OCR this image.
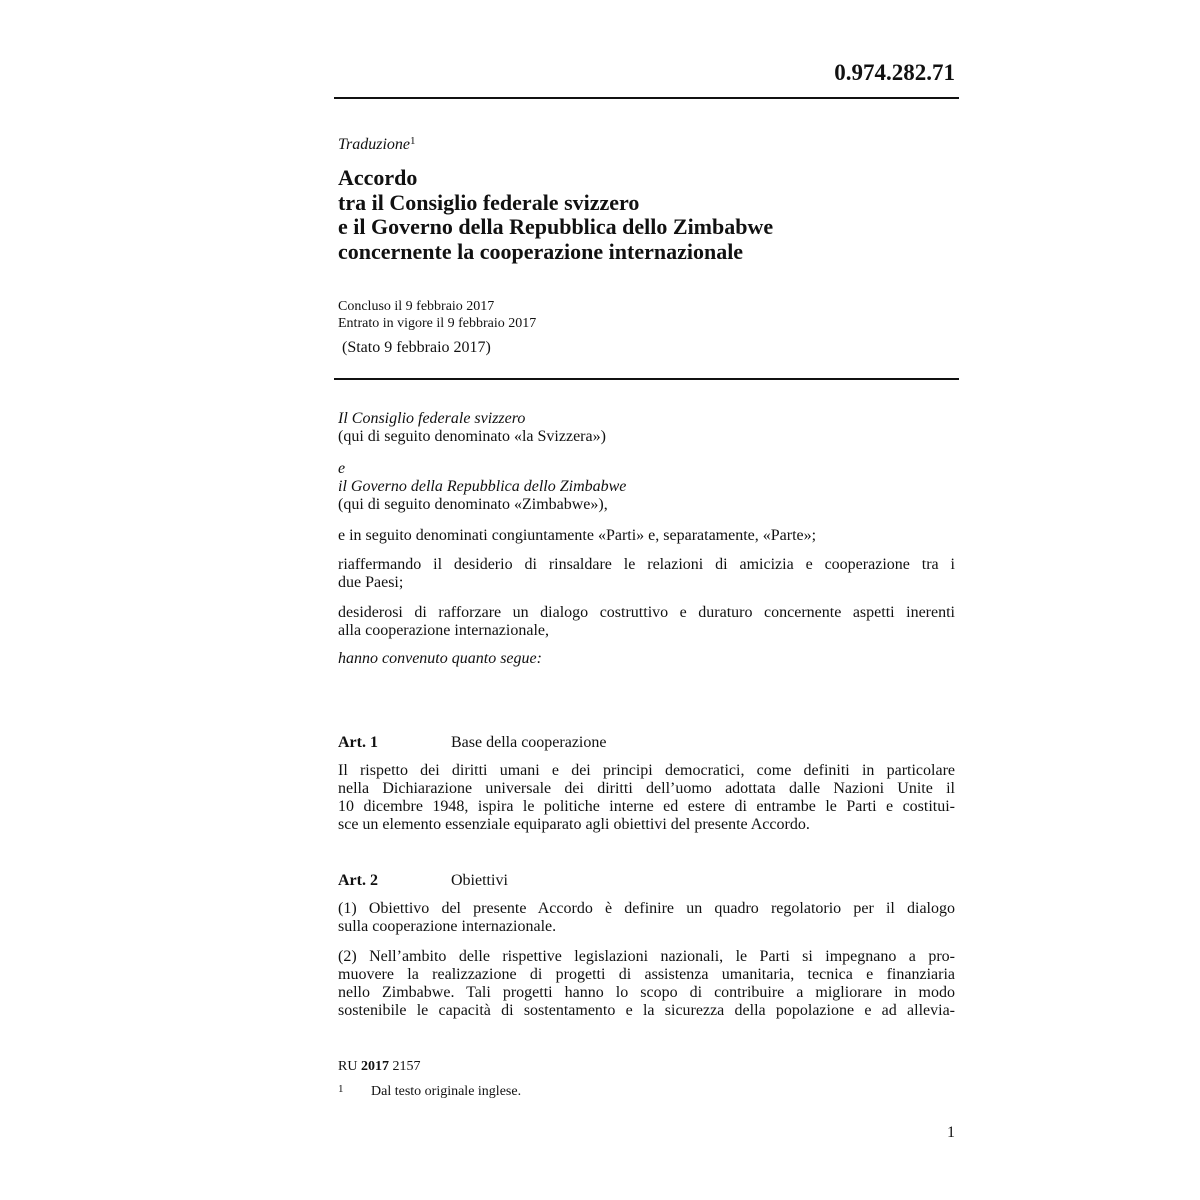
0.974.282.71
Traduzione$^1$
Accordo
tra il Consiglio federale svizzero
e il Governo della Repubblica dello Zimbabwe
concernente la cooperazione internazionale
Concluso il 9 febbraio 2017
Entrato in vigore il 9 febbraio 2017
(Stato 9 febbraio 2017)
Il Consiglio federale svizzero
(qui di seguito denominato «la Svizzera»)
e
il Governo della Repubblica dello Zimbabwe
(qui di seguito denominato «Zimbabwe»),
e in seguito denominati congiuntamente «Parti» e, separatamente, «Parte»;
riaffermando il desiderio di rinsaldare le relazioni di amicizia e cooperazione tra i
due Paesi;
desiderosi di rafforzare un dialogo costruttivo e duraturo concernente aspetti inerenti
alla cooperazione internazionale,
hanno convenuto quanto segue:
Art. 1	Base della cooperazione
Il rispetto dei diritti umani e dei principi democratici, come definiti in particolare
nella Dichiarazione universale dei diritti dell’uomo adottata dalle Nazioni Unite il
10 dicembre 1948, ispira le politiche interne ed estere di entrambe le Parti e costitui-
sce un elemento essenziale equiparato agli obiettivi del presente Accordo.
Art. 2	Obiettivi
(1) Obiettivo del presente Accordo è definire un quadro regolatorio per il dialogo
sulla cooperazione internazionale.
(2) Nell’ambito delle rispettive legislazioni nazionali, le Parti si impegnano a pro-
muovere la realizzazione di progetti di assistenza umanitaria, tecnica e finanziaria
nello Zimbabwe. Tali progetti hanno lo scopo di contribuire a migliorare in modo
sostenibile le capacità di sostentamento e la sicurezza della popolazione e ad allevia-
RU 2017 2157
1 Dal testo originale inglese.
1
